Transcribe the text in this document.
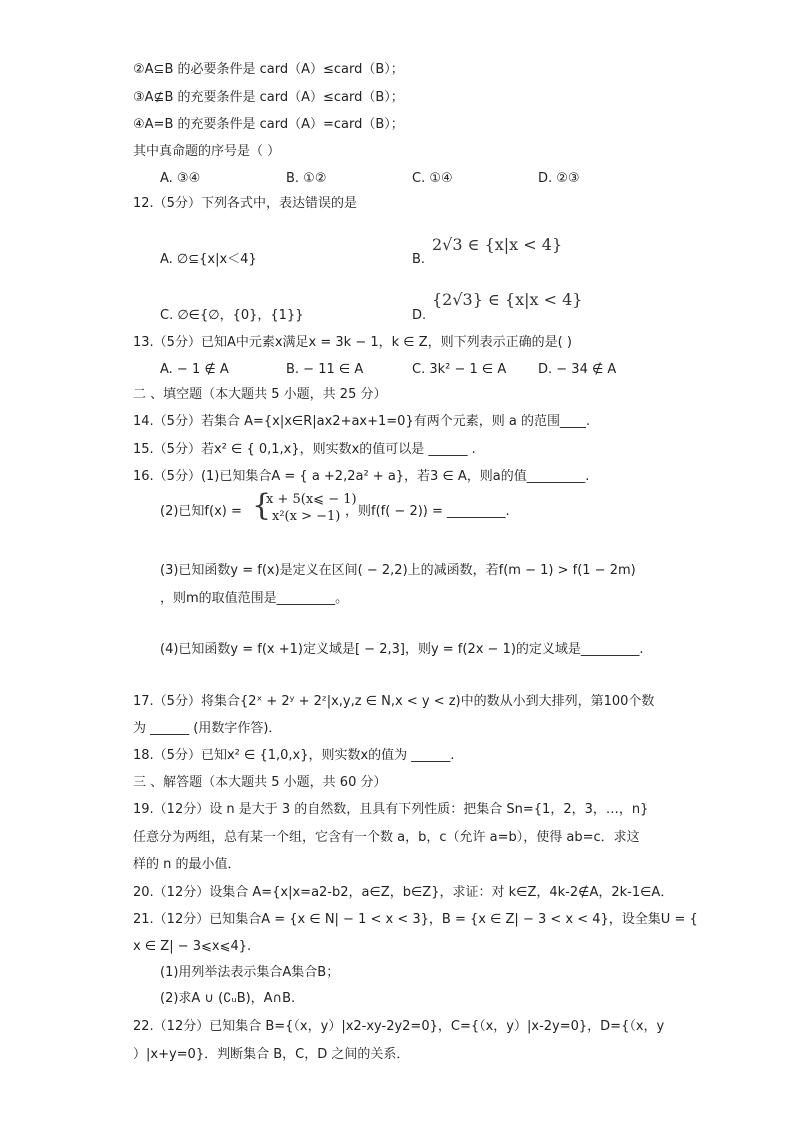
②A⊆B 的必要条件是 card（A）≤card（B）；
③A⊈B 的充要条件是 card（A）≤card（B）；
④A=B 的充要条件是 card（A）=card（B）；
其中真命题的序号是（ ）
A. ③④	B. ①②	C. ①④	D. ②③
12.（5分）下列各式中，表达错误的是
A. ∅⊆{x|x＜4}	B.
2√3 ∈ {x|x < 4}
C. ∅∈{∅，{0}，{1}}	D.
{2√3} ∈ {x|x < 4}
13.（5分）已知A中元素x满足x = 3k − 1，k ∈ Z，则下列表示正确的是( )
A. − 1 ∉ A	B. − 11 ∈ A	C. 3k² − 1 ∈ A D. − 34 ∉ A
二 、填空题（本大题共 5 小题，共 25 分）
14.（5分）若集合 A={x|x∈R|ax2+ax+1=0}有两个元素，则 a 的范围____.
15.（5分）若x² ∈ { 0,1,x}，则实数x的值可以是 ______ .
16.（5分）(1)已知集合A = { a +2,2a² + a}，若3 ∈ A，则a的值_________.
(2)已知f(x) = {
x + 5(x⩽ − 1)
x²(x > −1) ，则f(f( − 2)) = _________.
(3)已知函数y = f(x)是定义在区间( − 2,2)上的减函数，若f(m − 1) > f(1 − 2m)
，则m的取值范围是_________。
(4)已知函数y = f(x +1)定义域是[ − 2,3]，则y = f(2x − 1)的定义域是_________.
17.（5分）将集合{2ˣ + 2ʸ + 2ᶻ|x,y,z ∈ N,x < y < z)中的数从小到大排列，第100个数
为 ______ (用数字作答)．
18.（5分）已知x² ∈ {1,0,x}，则实数x的值为 ______.
三 、解答题（本大题共 5 小题，共 60 分）
19.（12分）设 n 是大于 3 的自然数，且具有下列性质：把集合 Sn={1，2，3，…，n}
任意分为两组，总有某一个组，它含有一个数 a，b，c（允许 a=b），使得 ab=c．求这
样的 n 的最小值．
20.（12分）设集合 A={x|x=a2-b2，a∈Z，b∈Z}，求证：对 k∈Z，4k-2∉A，2k-1∈A．
21.（12分）已知集合A = {x ∈ N| − 1 < x < 3}，B = {x ∈ Z| − 3 < x < 4}，设全集U = {
x ∈ Z| − 3⩽x⩽4}.
(1)用列举法表示集合A集合B；
(2)求A ∪ (∁ᵤB)，A∩B.
22.（12分）已知集合 B={（x，y）|x2-xy-2y2=0}，C={（x，y）|x-2y=0}，D={（x，y
）|x+y=0}．判断集合 B，C，D 之间的关系．
